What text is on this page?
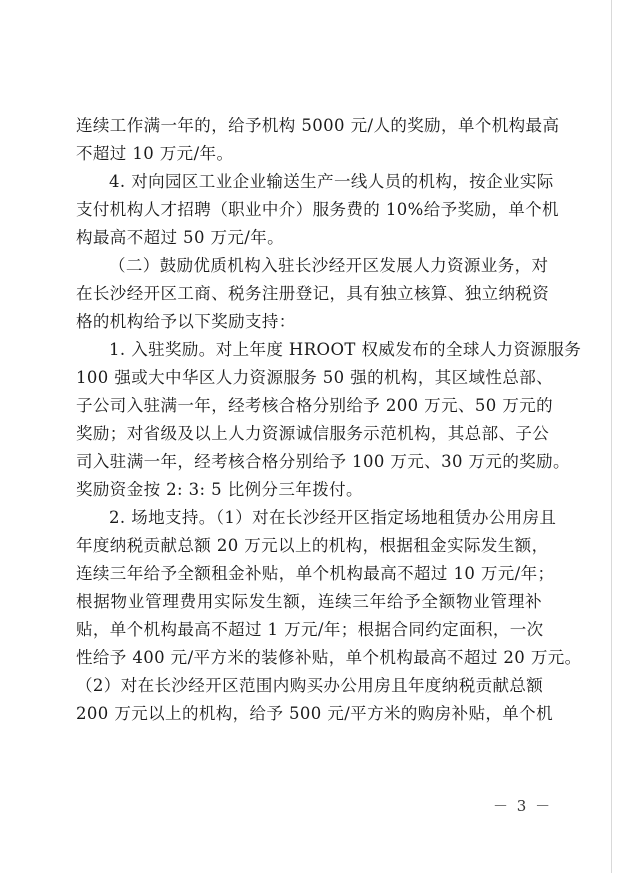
连续工作满一年的，给予机构 5000 元/人的奖励，单个机构最高
不超过 10 万元/年。
4. 对向园区工业企业输送生产一线人员的机构，按企业实际
支付机构人才招聘（职业中介）服务费的 10%给予奖励，单个机
构最高不超过 50 万元/年。
（二）鼓励优质机构入驻长沙经开区发展人力资源业务，对
在长沙经开区工商、税务注册登记，具有独立核算、独立纳税资
格的机构给予以下奖励支持：
1. 入驻奖励。对上年度 HROOT 权威发布的全球人力资源服务
100 强或大中华区人力资源服务 50 强的机构，其区域性总部、
子公司入驻满一年，经考核合格分别给予 200 万元、50 万元的
奖励；对省级及以上人力资源诚信服务示范机构，其总部、子公
司入驻满一年，经考核合格分别给予 100 万元、30 万元的奖励。
奖励资金按 2: 3: 5 比例分三年拨付。
2. 场地支持。（1）对在长沙经开区指定场地租赁办公用房且
年度纳税贡献总额 20 万元以上的机构，根据租金实际发生额，
连续三年给予全额租金补贴，单个机构最高不超过 10 万元/年；
根据物业管理费用实际发生额，连续三年给予全额物业管理补
贴，单个机构最高不超过 1 万元/年；根据合同约定面积，一次
性给予 400 元/平方米的装修补贴，单个机构最高不超过 20 万元。
（2）对在长沙经开区范围内购买办公用房且年度纳税贡献总额
200 万元以上的机构，给予 500 元/平方米的购房补贴，单个机
－ 3 －
